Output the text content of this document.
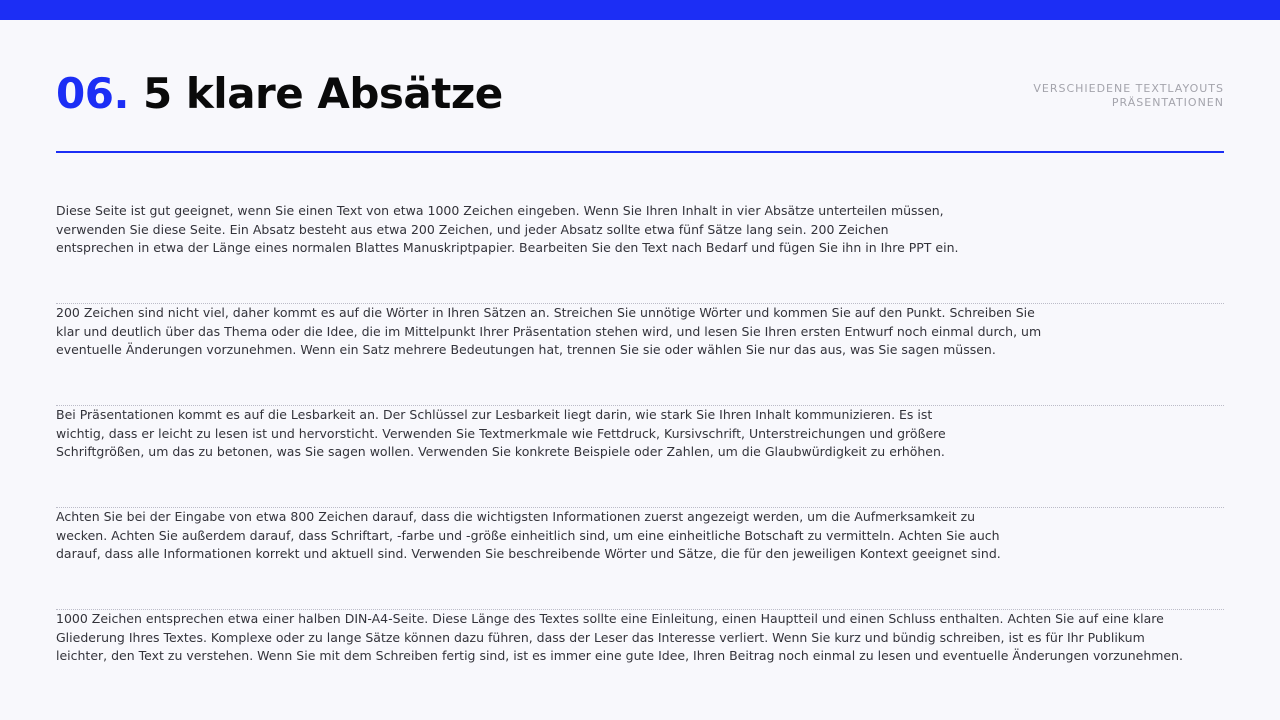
06. 5 klare Absätze	VERSCHIEDENE TEXTLAYOUTS
PRÄSENTATIONEN

Diese Seite ist gut geeignet, wenn Sie einen Text von etwa 1000 Zeichen eingeben. Wenn Sie Ihren Inhalt in vier Absätze unterteilen müssen,
verwenden Sie diese Seite. Ein Absatz besteht aus etwa 200 Zeichen, und jeder Absatz sollte etwa fünf Sätze lang sein. 200 Zeichen
entsprechen in etwa der Länge eines normalen Blattes Manuskriptpapier. Bearbeiten Sie den Text nach Bedarf und fügen Sie ihn in Ihre PPT ein.

200 Zeichen sind nicht viel, daher kommt es auf die Wörter in Ihren Sätzen an. Streichen Sie unnötige Wörter und kommen Sie auf den Punkt. Schreiben Sie
klar und deutlich über das Thema oder die Idee, die im Mittelpunkt Ihrer Präsentation stehen wird, und lesen Sie Ihren ersten Entwurf noch einmal durch, um
eventuelle Änderungen vorzunehmen. Wenn ein Satz mehrere Bedeutungen hat, trennen Sie sie oder wählen Sie nur das aus, was Sie sagen müssen.

Bei Präsentationen kommt es auf die Lesbarkeit an. Der Schlüssel zur Lesbarkeit liegt darin, wie stark Sie Ihren Inhalt kommunizieren. Es ist
wichtig, dass er leicht zu lesen ist und hervorsticht. Verwenden Sie Textmerkmale wie Fettdruck, Kursivschrift, Unterstreichungen und größere
Schriftgrößen, um das zu betonen, was Sie sagen wollen. Verwenden Sie konkrete Beispiele oder Zahlen, um die Glaubwürdigkeit zu erhöhen.

Achten Sie bei der Eingabe von etwa 800 Zeichen darauf, dass die wichtigsten Informationen zuerst angezeigt werden, um die Aufmerksamkeit zu
wecken. Achten Sie außerdem darauf, dass Schriftart, -farbe und -größe einheitlich sind, um eine einheitliche Botschaft zu vermitteln. Achten Sie auch
darauf, dass alle Informationen korrekt und aktuell sind. Verwenden Sie beschreibende Wörter und Sätze, die für den jeweiligen Kontext geeignet sind.

1000 Zeichen entsprechen etwa einer halben DIN-A4-Seite. Diese Länge des Textes sollte eine Einleitung, einen Hauptteil und einen Schluss enthalten. Achten Sie auf eine klare
Gliederung Ihres Textes. Komplexe oder zu lange Sätze können dazu führen, dass der Leser das Interesse verliert. Wenn Sie kurz und bündig schreiben, ist es für Ihr Publikum
leichter, den Text zu verstehen. Wenn Sie mit dem Schreiben fertig sind, ist es immer eine gute Idee, Ihren Beitrag noch einmal zu lesen und eventuelle Änderungen vorzunehmen.
